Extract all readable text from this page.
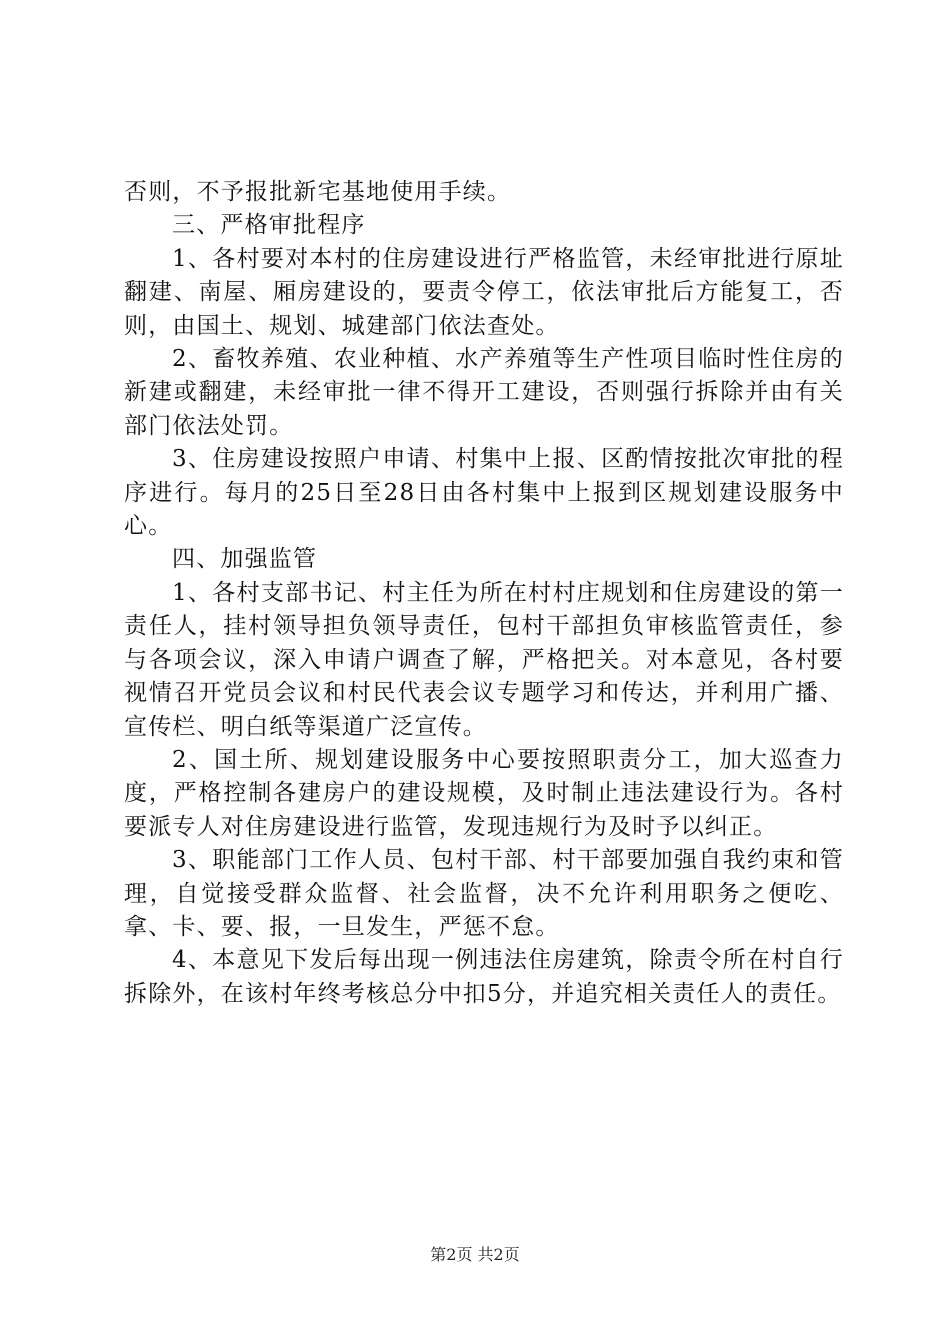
否则，不予报批新宅基地使用手续。

三、严格审批程序

1、各村要对本村的住房建设进行严格监管，未经审批进行原址翻建、南屋、厢房建设的，要责令停工，依法审批后方能复工，否则，由国土、规划、城建部门依法查处。

2、畜牧养殖、农业种植、水产养殖等生产性项目临时性住房的新建或翻建，未经审批一律不得开工建设，否则强行拆除并由有关部门依法处罚。

3、住房建设按照户申请、村集中上报、区酌情按批次审批的程序进行。每月的25日至28日由各村集中上报到区规划建设服务中心。

四、加强监管

1、各村支部书记、村主任为所在村村庄规划和住房建设的第一责任人，挂村领导担负领导责任，包村干部担负审核监管责任，参与各项会议，深入申请户调查了解，严格把关。对本意见，各村要视情召开党员会议和村民代表会议专题学习和传达，并利用广播、宣传栏、明白纸等渠道广泛宣传。

2、国土所、规划建设服务中心要按照职责分工，加大巡查力度，严格控制各建房户的建设规模，及时制止违法建设行为。各村要派专人对住房建设进行监管，发现违规行为及时予以纠正。

3、职能部门工作人员、包村干部、村干部要加强自我约束和管理，自觉接受群众监督、社会监督，决不允许利用职务之便吃、拿、卡、要、报，一旦发生，严惩不怠。

4、本意见下发后每出现一例违法住房建筑，除责令所在村自行拆除外，在该村年终考核总分中扣5分，并追究相关责任人的责任。

第2页 共2页
